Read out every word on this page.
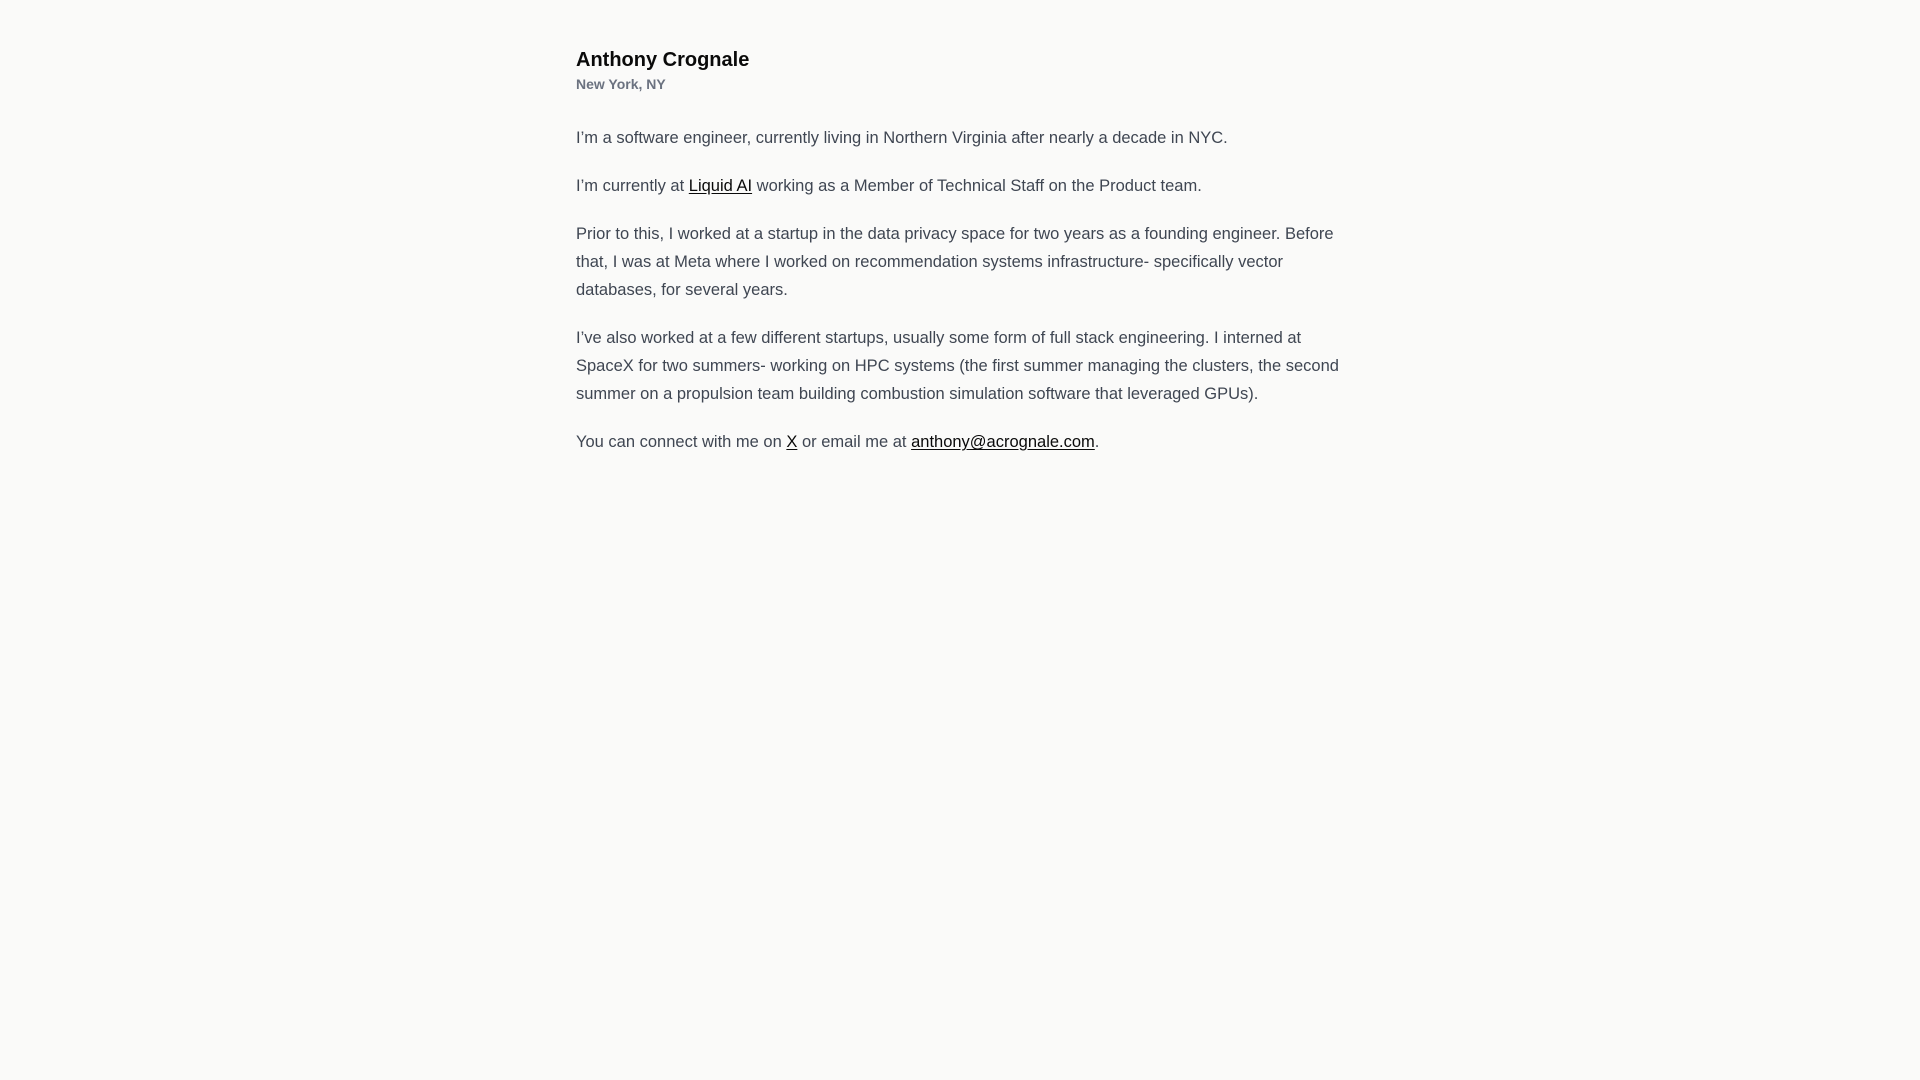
Anthony Crognale

New York, NY

I’m a software engineer, currently living in Northern Virginia after nearly a decade in NYC.

I’m currently at Liquid AI working as a Member of Technical Staff on the Product team.

Prior to this, I worked at a startup in the data privacy space for two years as a founding engineer. Before that, I was at Meta where I worked on recommendation systems infrastructure- specifically vector databases, for several years.

I’ve also worked at a few different startups, usually some form of full stack engineering. I interned at SpaceX for two summers- working on HPC systems (the first summer managing the clusters, the second summer on a propulsion team building combustion simulation software that leveraged GPUs).

You can connect with me on X or email me at anthony@acrognale.com.
